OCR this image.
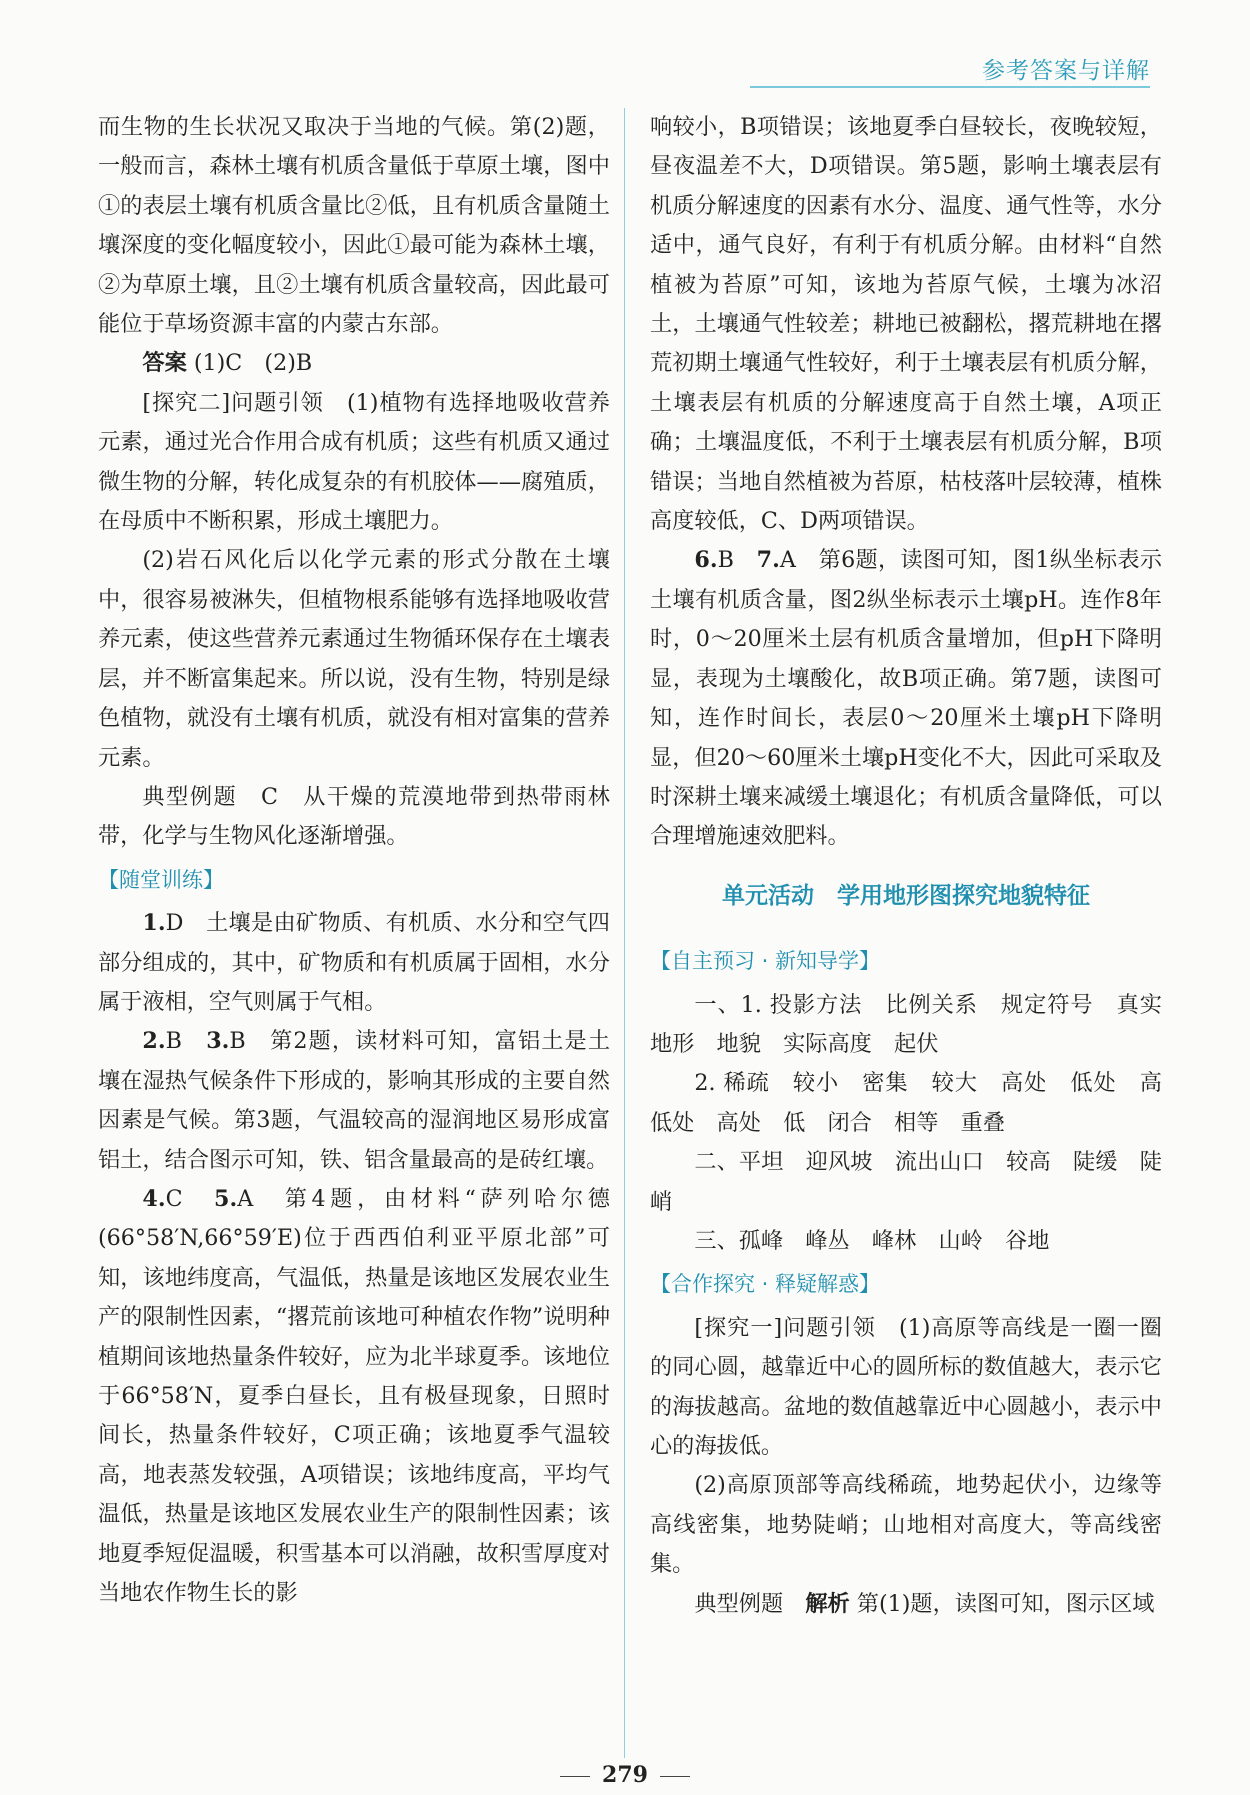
参考答案与详解

而生物的生长状况又取决于当地的气候。第(2)题，一般而言，森林土壤有机质含量低于草原土壤，图中①的表层土壤有机质含量比②低，且有机质含量随土壤深度的变化幅度较小，因此①最可能为森林土壤，②为草原土壤，且②土壤有机质含量较高，因此最可能位于草场资源丰富的内蒙古东部。

答案 (1)C　(2)B

[探究二]问题引领　(1)植物有选择地吸收营养元素，通过光合作用合成有机质；这些有机质又通过微生物的分解，转化成复杂的有机胶体——腐殖质，在母质中不断积累，形成土壤肥力。

(2)岩石风化后以化学元素的形式分散在土壤中，很容易被淋失，但植物根系能够有选择地吸收营养元素，使这些营养元素通过生物循环保存在土壤表层，并不断富集起来。所以说，没有生物，特别是绿色植物，就没有土壤有机质，就没有相对富集的营养元素。

典型例题　C　从干燥的荒漠地带到热带雨林带，化学与生物风化逐渐增强。

【随堂训练】

1.D　土壤是由矿物质、有机质、水分和空气四部分组成的，其中，矿物质和有机质属于固相，水分属于液相，空气则属于气相。

2.B　 3.B　第2题，读材料可知，富铝土是土壤在湿热气候条件下形成的，影响其形成的主要自然因素是气候。第3题，气温较高的湿润地区易形成富铝土，结合图示可知，铁、铝含量最高的是砖红壤。

4.C　 5.A　第4题，由材料“萨列哈尔德(66°58′N,66°59′E)位于西西伯利亚平原北部”可知，该地纬度高，气温低，热量是该地区发展农业生产的限制性因素，“撂荒前该地可种植农作物”说明种植期间该地热量条件较好，应为北半球夏季。该地位于66°58′N，夏季白昼长，且有极昼现象，日照时间长，热量条件较好，C项正确；该地夏季气温较高，地表蒸发较强，A项错误；该地纬度高，平均气温低，热量是该地区发展农业生产的限制性因素；该地夏季短促温暖，积雪基本可以消融，故积雪厚度对当地农作物生长的影

响较小，B项错误；该地夏季白昼较长，夜晚较短，昼夜温差不大，D项错误。第5题，影响土壤表层有机质分解速度的因素有水分、温度、通气性等，水分适中，通气良好，有利于有机质分解。由材料“自然植被为苔原”可知，该地为苔原气候，土壤为冰沼土，土壤通气性较差；耕地已被翻松，撂荒耕地在撂荒初期土壤通气性较好，利于土壤表层有机质分解，土壤表层有机质的分解速度高于自然土壤，A项正确；土壤温度低，不利于土壤表层有机质分解，B项错误；当地自然植被为苔原，枯枝落叶层较薄，植株高度较低，C、D两项错误。

6.B　 7.A　第6题，读图可知，图1纵坐标表示土壤有机质含量，图2纵坐标表示土壤pH。连作8年时，0～20厘米土层有机质含量增加，但pH下降明显，表现为土壤酸化，故B项正确。第7题，读图可知，连作时间长，表层0～20厘米土壤pH下降明显，但20～60厘米土壤pH变化不大，因此可采取及时深耕土壤来减缓土壤退化；有机质含量降低，可以合理增施速效肥料。

单元活动　学用地形图探究地貌特征
【自主预习 · 新知导学】

一、1. 投影方法　比例关系　规定符号　真实地形　地貌　实际高度　起伏

2. 稀疏　较小　密集　较大　高处　低处　高　低处　高处　低　闭合　相等　重叠

二、平坦　迎风坡　流出山口　较高　陡缓　陡峭

三、孤峰　峰丛　峰林　山岭　谷地

【合作探究 · 释疑解惑】

[探究一]问题引领　(1)高原等高线是一圈一圈的同心圆，越靠近中心的圆所标的数值越大，表示它的海拔越高。盆地的数值越靠近中心圆越小，表示中心的海拔低。

(2)高原顶部等高线稀疏，地势起伏小，边缘等高线密集，地势陡峭；山地相对高度大，等高线密集。

典型例题　 解析 第(1)题，读图可知，图示区域

279
